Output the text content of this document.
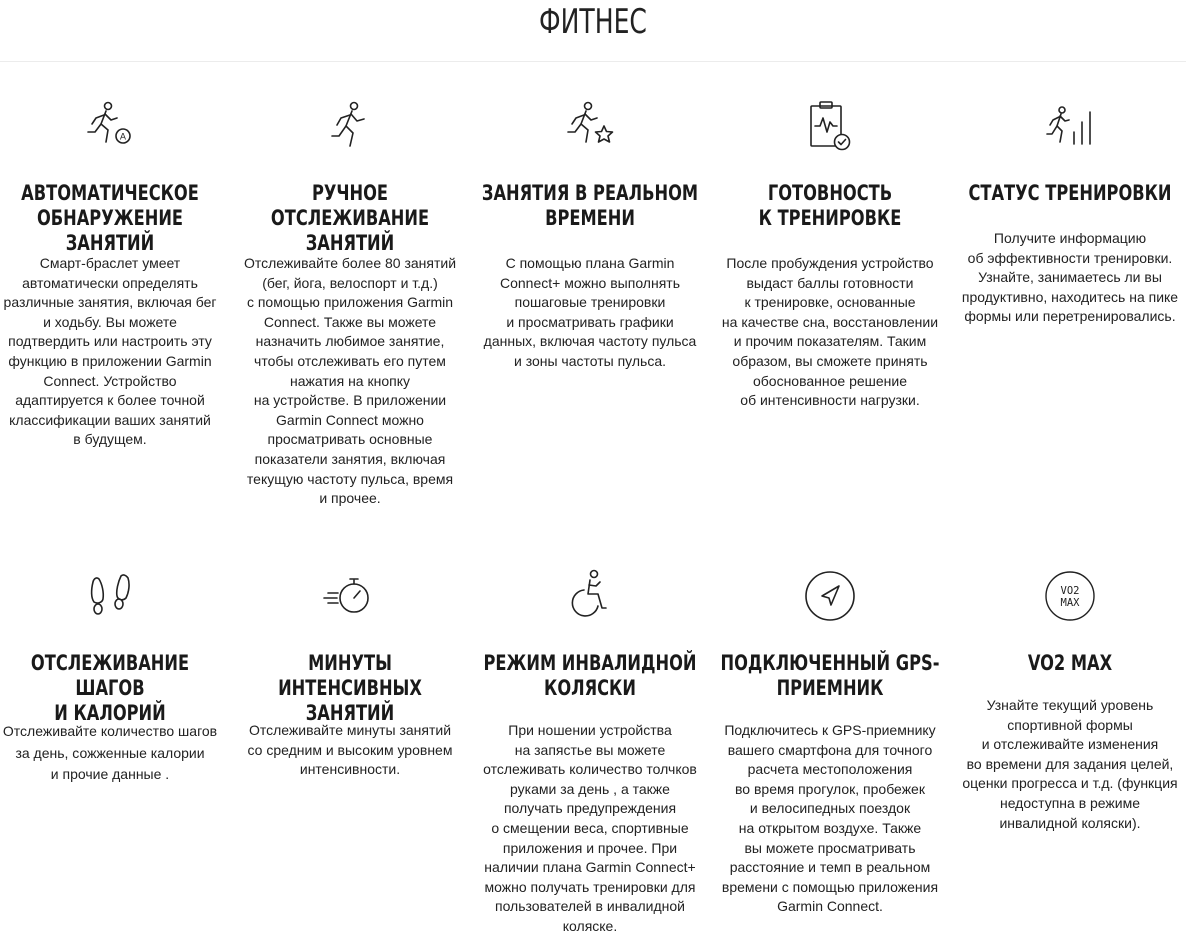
ФИТНЕС
A
АВТОМАТИЧЕСКОЕ
ОБНАРУЖЕНИЕ ЗАНЯТИЙ

Смарт-браслет умеет
автоматически определять
различные занятия, включая бег
и ходьбу. Вы можете
подтвердить или настроить эту
функцию в приложении Garmin
Connect. Устройство
адаптируется к более точной
классификации ваших занятий
в будущем.

РУЧНОЕ ОТСЛЕЖИВАНИЕ
ЗАНЯТИЙ

Отслеживайте более 80 занятий
(бег, йога, велоспорт и т.д.)
с помощью приложения Garmin
Connect. Также вы можете
назначить любимое занятие,
чтобы отслеживать его путем
нажатия на кнопку
на устройстве. В приложении
Garmin Connect можно
просматривать основные
показатели занятия, включая
текущую частоту пульса, время
и прочее.

ЗАНЯТИЯ В РЕАЛЬНОМ
ВРЕМЕНИ

С помощью плана Garmin
Connect+ можно выполнять
пошаговые тренировки
и просматривать графики
данных, включая частоту пульса
и зоны частоты пульса.

ГОТОВНОСТЬ
К ТРЕНИРОВКЕ

После пробуждения устройство
выдаст баллы готовности
к тренировке, основанные
на качестве сна, восстановлении
и прочим показателям. Таким
образом, вы сможете принять
обоснованное решение
об интенсивности нагрузки.

СТАТУС ТРЕНИРОВКИ

Получите информацию
об эффективности тренировки.
Узнайте, занимаетесь ли вы
продуктивно, находитесь на пике
формы или перетренировались.

ОТСЛЕЖИВАНИЕ ШАГОВ
И КАЛОРИЙ

Отслеживайте количество шагов
за день, сожженные калории
и прочие данные .

МИНУТЫ ИНТЕНСИВНЫХ
ЗАНЯТИЙ

Отслеживайте минуты занятий
со средним и высоким уровнем
интенсивности.

РЕЖИМ ИНВАЛИДНОЙ
КОЛЯСКИ

При ношении устройства
на запястье вы можете
отслеживать количество толчков
руками за день , а также
получать предупреждения
о смещении веса, спортивные
приложения и прочее. При
наличии плана Garmin Connect+
можно получать тренировки для
пользователей в инвалидной
коляске.

ПОДКЛЮЧЕННЫЙ GPS-
ПРИЕМНИК

Подключитесь к GPS-приемнику
вашего смартфона для точного
расчета местоположения
во время прогулок, пробежек
и велосипедных поездок
на открытом воздухе. Также
вы можете просматривать
расстояние и темп в реальном
времени с помощью приложения
Garmin Connect.

VO2
MAX
VO2 MAX

Узнайте текущий уровень
спортивной формы
и отслеживайте изменения
во времени для задания целей,
оценки прогресса и т.д. (функция
недоступна в режиме
инвалидной коляски).
